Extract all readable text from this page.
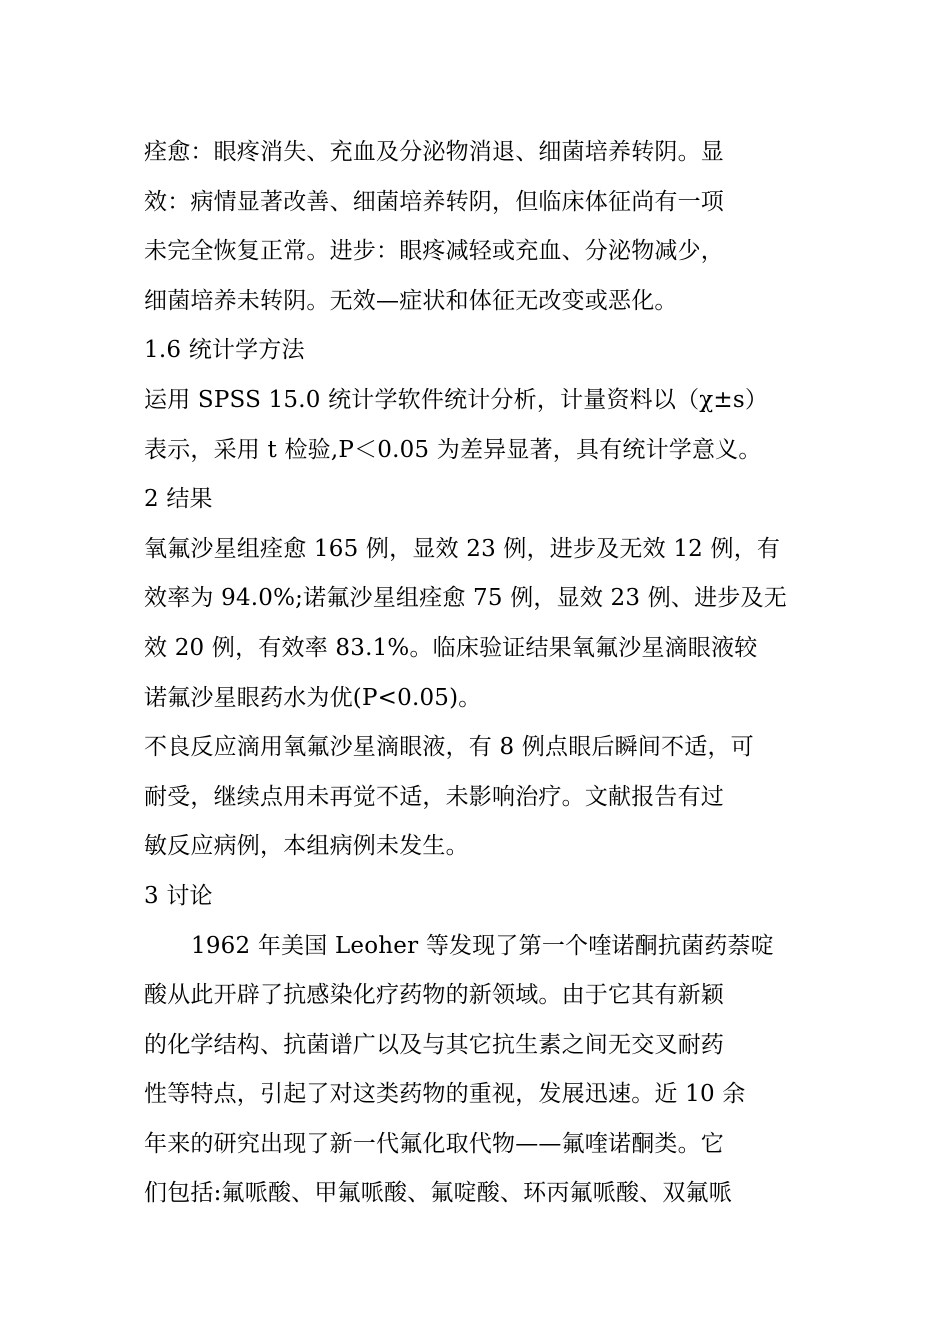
痊愈：眼疼消失、充血及分泌物消退、细菌培养转阴。显
效：病情显著改善、细菌培养转阴，但临床体征尚有一项
未完全恢复正常。进步：眼疼减轻或充血、分泌物减少，
细菌培养未转阴。无效—症状和体征无改变或恶化。
1.6 统计学方法
运用 SPSS 15.0 统计学软件统计分析，计量资料以（χ±s）
表示，采用 t 检验,P＜0.05 为差异显著，具有统计学意义。
2 结果
氧氟沙星组痊愈 165 例，显效 23 例，进步及无效 12 例，有
效率为 94.0%;诺氟沙星组痊愈 75 例，显效 23 例、进步及无
效 20 例，有效率 83.1%。临床验证结果氧氟沙星滴眼液较
诺氟沙星眼药水为优(P<0.05)。
不良反应滴用氧氟沙星滴眼液，有 8 例点眼后瞬间不适，可
耐受，继续点用未再觉不适，未影响治疗。文献报告有过
敏反应病例，本组病例未发生。
3 讨论
1962 年美国 Leoher 等发现了第一个喹诺酮抗菌药萘啶
酸从此开辟了抗感染化疗药物的新领域。由于它其有新颖
的化学结构、抗菌谱广以及与其它抗生素之间无交叉耐药
性等特点，引起了对这类药物的重视，发展迅速。近 10 余
年来的研究出现了新一代氟化取代物——氟喹诺酮类。它
们包括:氟哌酸、甲氟哌酸、氟啶酸、环丙氟哌酸、双氟哌
